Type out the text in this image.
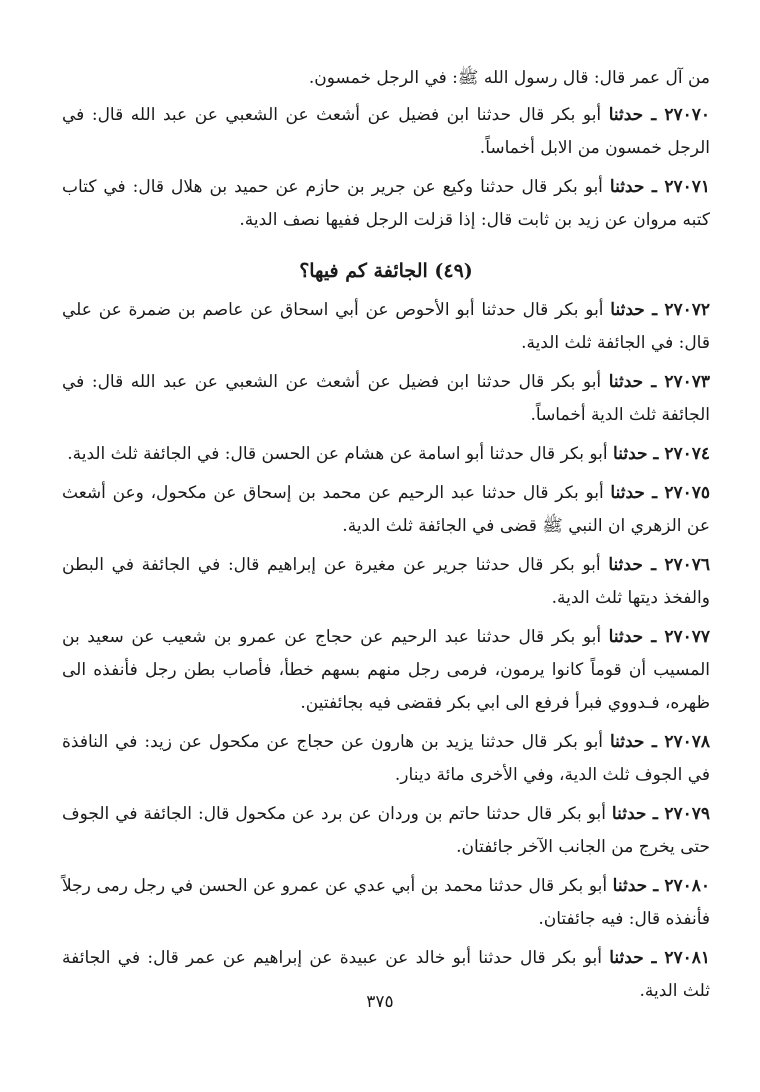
من آل عمر قال: قال رسول الله ﷺ: في الرجل خمسون.

٢٧٠٧٠ ـ حدثنا أبو بكر قال حدثنا ابن فضيل عن أشعث عن الشعبي عن عبد الله قال: في الرجل خمسون من الابل أخماساً.

٢٧٠٧١ ـ حدثنا أبو بكر قال حدثنا وكيع عن جرير بن حازم عن حميد بن هلال قال: في كتاب كتبه مروان عن زيد بن ثابت قال: إذا قزلت الرجل ففيها نصف الدية.

(٤٩) الجائفة كم فيها؟

٢٧٠٧٢ ـ حدثنا أبو بكر قال حدثنا أبو الأحوص عن أبي اسحاق عن عاصم بن ضمرة عن علي قال: في الجائفة ثلث الدية.

٢٧٠٧٣ ـ حدثنا أبو بكر قال حدثنا ابن فضيل عن أشعث عن الشعبي عن عبد الله قال: في الجائفة ثلث الدية أخماساً.

٢٧٠٧٤ ـ حدثنا أبو بكر قال حدثنا أبو اسامة عن هشام عن الحسن قال: في الجائفة ثلث الدية.

٢٧٠٧٥ ـ حدثنا أبو بكر قال حدثنا عبد الرحيم عن محمد بن إسحاق عن مكحول، وعن أشعث عن الزهري ان النبي ﷺ قضى في الجائفة ثلث الدية.

٢٧٠٧٦ ـ حدثنا أبو بكر قال حدثنا جرير عن مغيرة عن إبراهيم قال: في الجائفة في البطن والفخذ ديتها ثلث الدية.

٢٧٠٧٧ ـ حدثنا أبو بكر قال حدثنا عبد الرحيم عن حجاج عن عمرو بن شعيب عن سعيد بن المسيب أن قوماً كانوا يرمون، فرمى رجل منهم بسهم خطأ، فأصاب بطن رجل فأنفذه الى ظهره، فـدووي فبرأ فرفع الى ابي بكر فقضى فيه بجائفتين.

٢٧٠٧٨ ـ حدثنا أبو بكر قال حدثنا يزيد بن هارون عن حجاج عن مكحول عن زيد: في النافذة في الجوف ثلث الدية، وفي الأخرى مائة دينار.

٢٧٠٧٩ ـ حدثنا أبو بكر قال حدثنا حاتم بن وردان عن برد عن مكحول قال: الجائفة في الجوف حتى يخرج من الجانب الآخر جائفتان.

٢٧٠٨٠ ـ حدثنا أبو بكر قال حدثنا محمد بن أبي عدي عن عمرو عن الحسن في رجل رمى رجلاً فأنفذه قال: فيه جائفتان.

٢٧٠٨١ ـ حدثنا أبو بكر قال حدثنا أبو خالد عن عبيدة عن إبراهيم عن عمر قال: في الجائفة ثلث الدية.

٣٧٥
